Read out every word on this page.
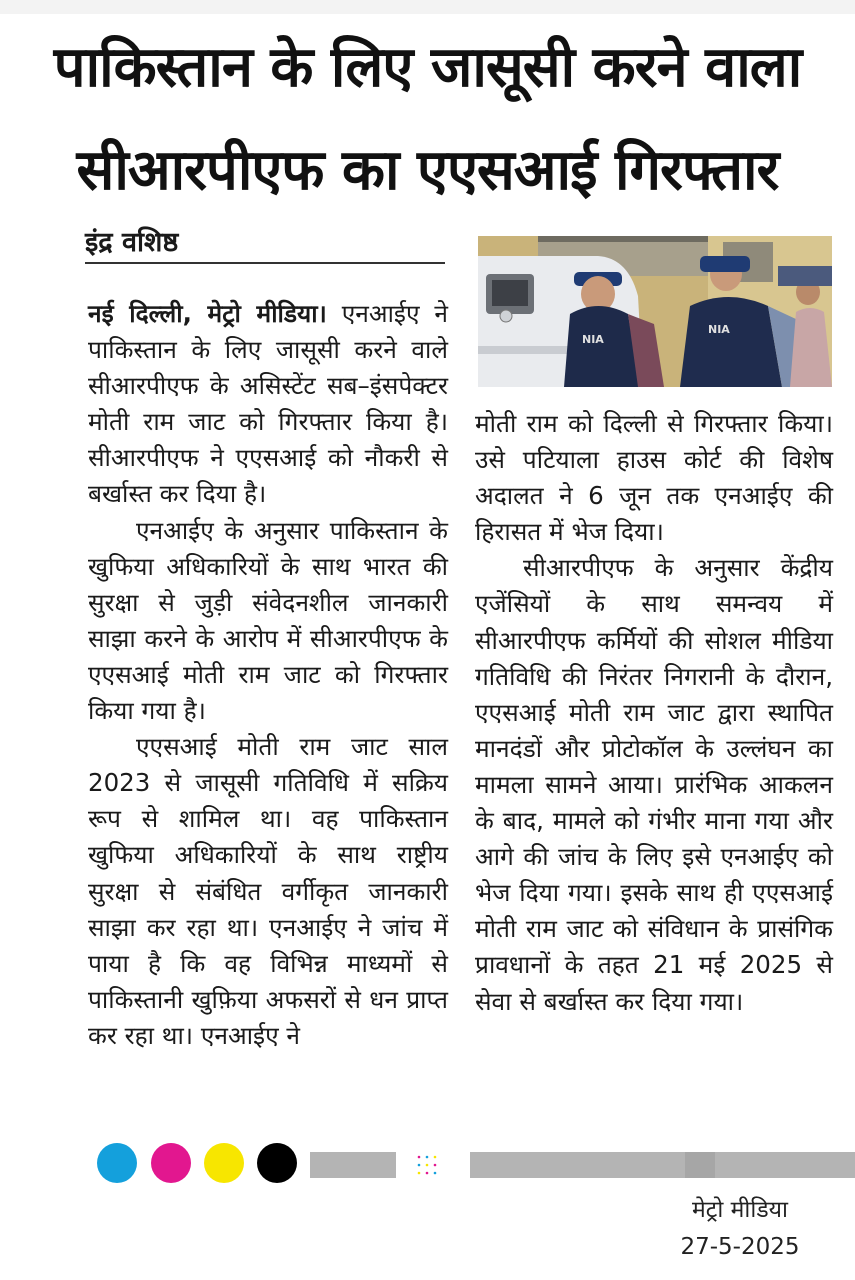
पाकिस्तान के लिए जासूसी करने वाला
सीआरपीएफ का एएसआई गिरफ्तार
इंद्र वशिष्ठ

नई दिल्ली, मेट्रो मीडिया। एनआईए ने पाकिस्तान के लिए जासूसी करने वाले सीआरपीएफ के असिस्टेंट सब–इंसपेक्टर मोती राम जाट को गिरफ्तार किया है। सीआरपीएफ ने एएसआई को नौकरी से बर्खास्त कर दिया है।

एनआईए के अनुसार पाकिस्तान के खुफिया अधिकारियों के साथ भारत की सुरक्षा से जुड़ी संवेदनशील जानकारी साझा करने के आरोप में सीआरपीएफ के एएसआई मोती राम जाट को गिरफ्तार किया गया है।

एएसआई मोती राम जाट साल 2023 से जासूसी गतिविधि में सक्रिय रूप से शामिल था। वह पाकिस्तान खुफिया अधिकारियों के साथ राष्ट्रीय सुरक्षा से संबंधित वर्गीकृत जानकारी साझा कर रहा था। एनआईए ने जांच में पाया है कि वह विभिन्न माध्यमों से पाकिस्तानी खुफ़िया अफसरों से धन प्राप्त कर रहा था। एनआईए ने

NIA
NIA

मोती राम को दिल्ली से गिरफ्तार किया। उसे पटियाला हाउस कोर्ट की विशेष अदालत ने 6 जून तक एनआईए की हिरासत में भेज दिया।

सीआरपीएफ के अनुसार केंद्रीय एजेंसियों के साथ समन्वय में सीआरपीएफ कर्मियों की सोशल मीडिया गतिविधि की निरंतर निगरानी के दौरान, एएसआई मोती राम जाट द्वारा स्थापित मानदंडों और प्रोटोकॉल के उल्लंघन का मामला सामने आया। प्रारंभिक आकलन के बाद, मामले को गंभीर माना गया और आगे की जांच के लिए इसे एनआईए को भेज दिया गया। इसके साथ ही एएसआई मोती राम जाट को संविधान के प्रासंगिक प्रावधानों के तहत 21 मई 2025 से सेवा से बर्खास्त कर दिया गया।

मेट्रो मीडिया
27-5-2025
